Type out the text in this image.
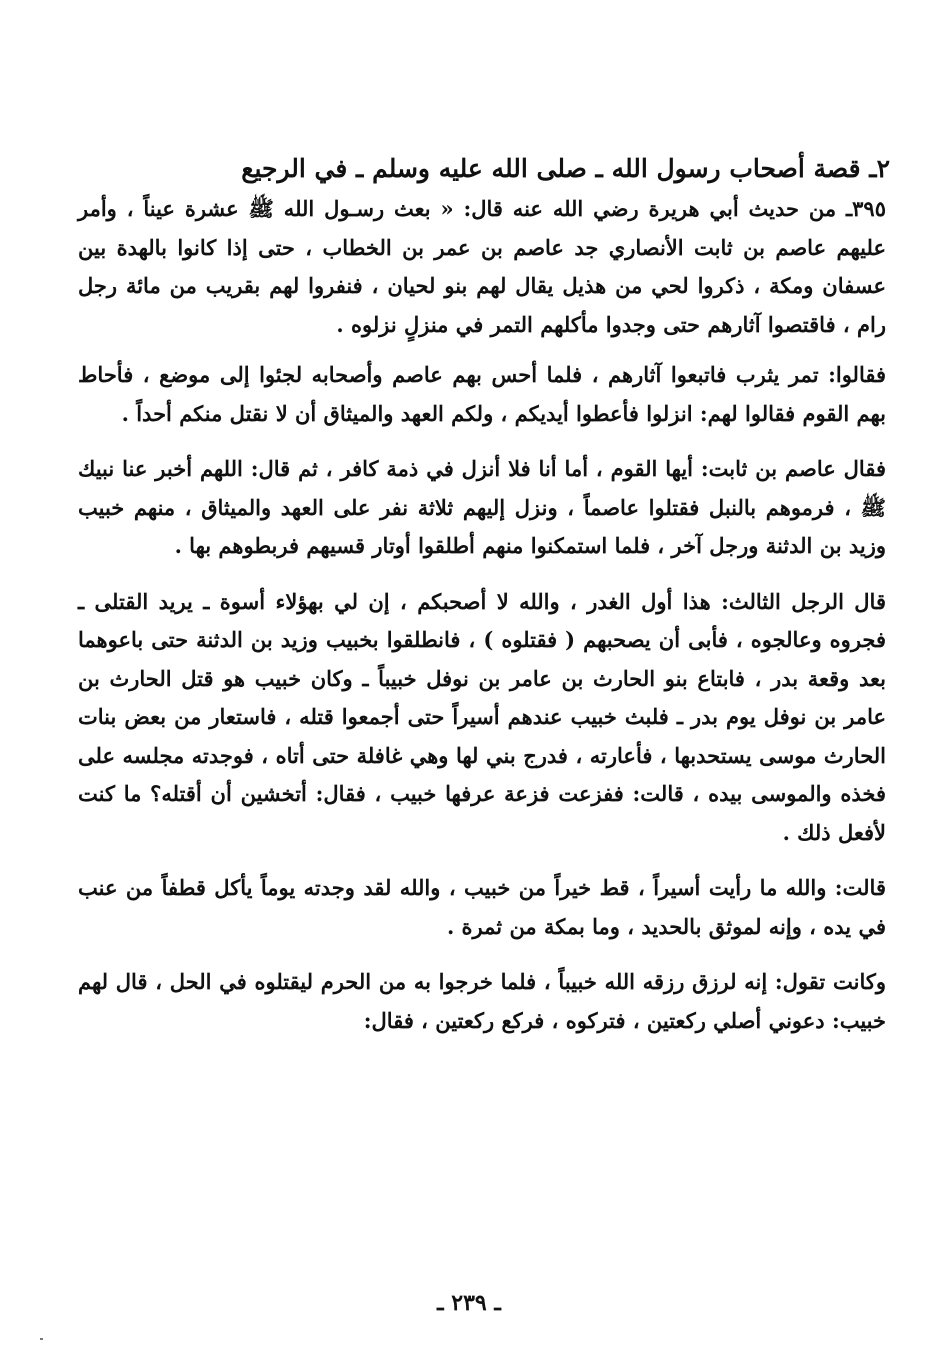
٢ـ قصة أصحاب رسول الله ـ صلى الله عليه وسلم ـ في الرجيع

٣٩٥ـ من حديث أبي هريرة رضي الله عنه قال: « بعث رسـول الله ﷺ عشرة عيناً ، وأمر عليهم عاصم بن ثابت الأنصاري جد عاصم بن عمر بن الخطاب ، حتى إذا كانوا بالهدة بين عسفان ومكة ، ذكروا لحي من هذيل يقال لهم بنو لحيان ، فنفروا لهم بقريب من مائة رجل رام ، فاقتصوا آثارهم حتى وجدوا مأكلهم التمر في منزلٍ نزلوه .

فقالوا: تمر يثرب فاتبعوا آثارهم ، فلما أحس بهم عاصم وأصحابه لجئوا إلى موضع ، فأحاط بهم القوم فقالوا لهم: انزلوا فأعطوا أيديكم ، ولكم العهد والميثاق أن لا نقتل منكم أحداً .

فقال عاصم بن ثابت: أيها القوم ، أما أنا فلا أنزل في ذمة كافر ، ثم قال: اللهم أخبر عنا نبيك ﷺ ، فرموهم بالنبل فقتلوا عاصماً ، ونزل إليهم ثلاثة نفر على العهد والميثاق ، منهم خبيب وزيد بن الدثنة ورجل آخر ، فلما استمكنوا منهم أطلقوا أوتار قسيهم فربطوهم بها .

قال الرجل الثالث: هذا أول الغدر ، والله لا أصحبكم ، إن لي بهؤلاء أسوة ـ يريد القتلى ـ فجروه وعالجوه ، فأبى أن يصحبهم ( فقتلوه ) ، فانطلقوا بخبيب وزيد بن الدثنة حتى باعوهما بعد وقعة بدر ، فابتاع بنو الحارث بن عامر بن نوفل خبيباً ـ وكان خبيب هو قتل الحارث بن عامر بن نوفل يوم بدر ـ فلبث خبيب عندهم أسيراً حتى أجمعوا قتله ، فاستعار من بعض بنات الحارث موسى يستحدبها ، فأعارته ، فدرج بني لها وهي غافلة حتى أتاه ، فوجدته مجلسه على فخذه والموسى بيده ، قالت: ففزعت فزعة عرفها خبيب ، فقال: أتخشين أن أقتله؟ ما كنت لأفعل ذلك .

قالت: والله ما رأيت أسيراً ، قط خيراً من خبيب ، والله لقد وجدته يوماً يأكل قطفاً من عنب في يده ، وإنه لموثق بالحديد ، وما بمكة من ثمرة .

وكانت تقول: إنه لرزق رزقه الله خبيباً ، فلما خرجوا به من الحرم ليقتلوه في الحل ، قال لهم خبيب: دعوني أصلي ركعتين ، فتركوه ، فركع ركعتين ، فقال:

ـ ٢٣٩ ـ
